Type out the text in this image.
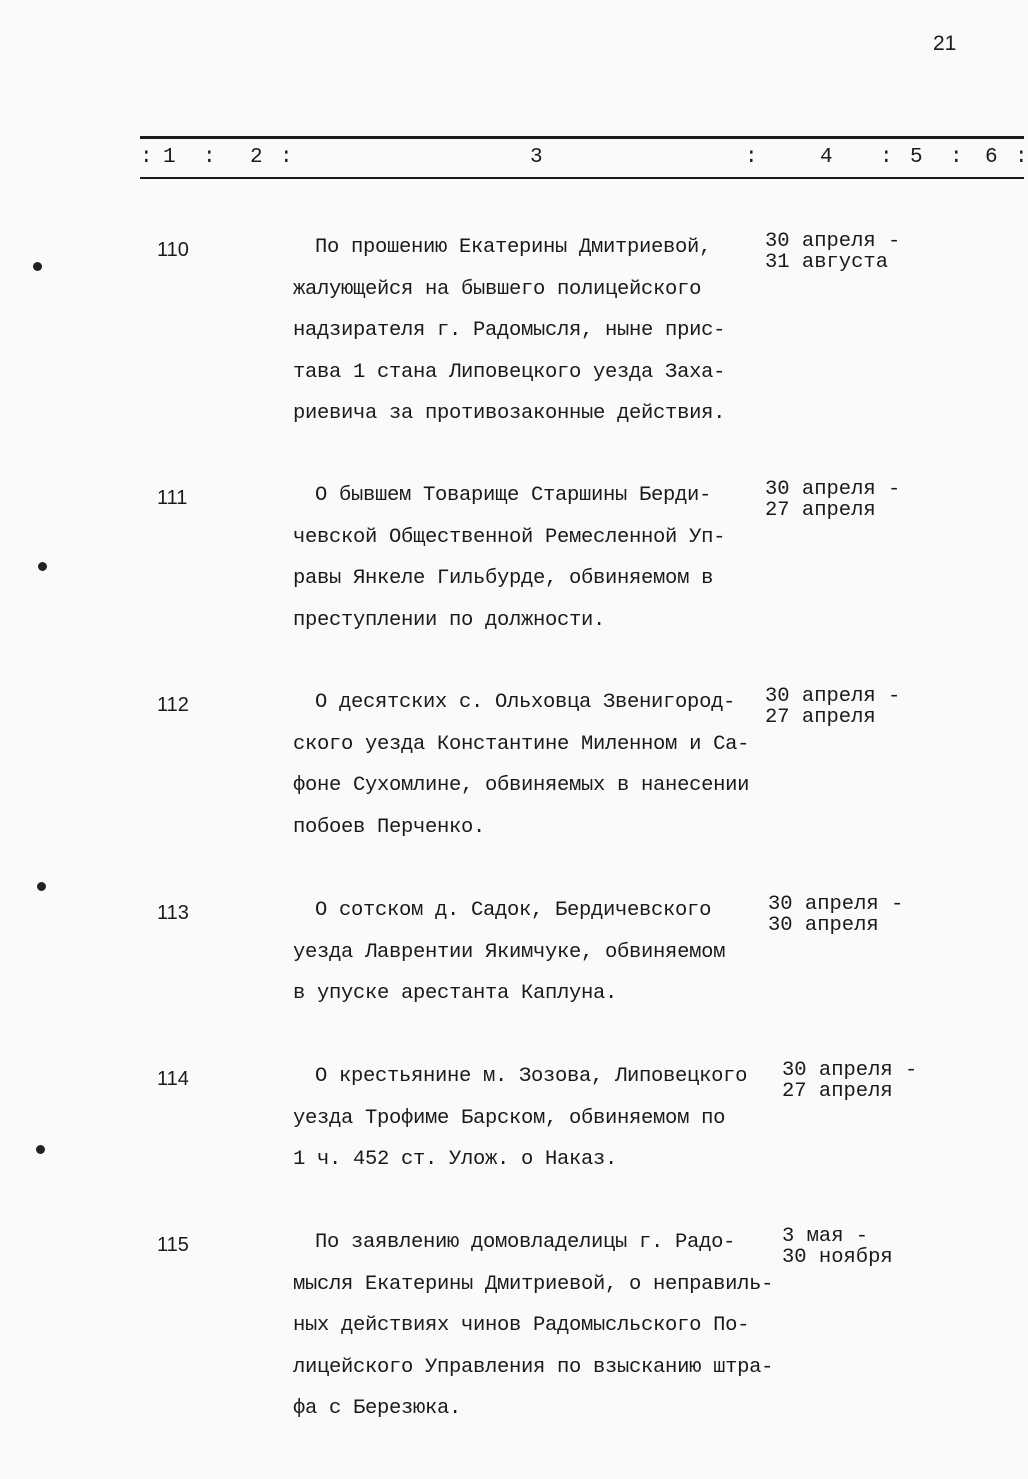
21
: 1 : 2 :	3	:	4 : 5 : 6 :
110	По прошению Екатерины Дмитриевой,
жалующейся на бывшего полицейского
надзирателя г. Радомысля, ныне прис-
тава 1 стана Липовецкого уезда Заха-
риевича за противозаконные действия.
30 апреля -
31 августа
111	О бывшем Товарище Старшины Берди-
чевской Общественной Ремесленной Уп-
равы Янкеле Гильбурде, обвиняемом в
преступлении по должности.
30 апреля -
27 апреля
112	О десятских с. Ольховца Звенигород-
ского уезда Константине Миленном и Са-
фоне Сухомлине, обвиняемых в нанесении
побоев Перченко.
30 апреля -
27 апреля
113	О сотском д. Садок, Бердичевского
уезда Лаврентии Якимчуке, обвиняемом
в упуске арестанта Каплуна.
30 апреля -
30 апреля
114	О крестьянине м. Зозова, Липовецкого
уезда Трофиме Барском, обвиняемом по
1 ч. 452 ст. Улож. о Наказ.
30 апреля -
27 апреля
115	По заявлению домовладелицы г. Радо-
мысля Екатерины Дмитриевой, о неправиль-
ных действиях чинов Радомысльского По-
лицейского Управления по взысканию штра-
фа с Березюка.
3 мая -
30 ноября
